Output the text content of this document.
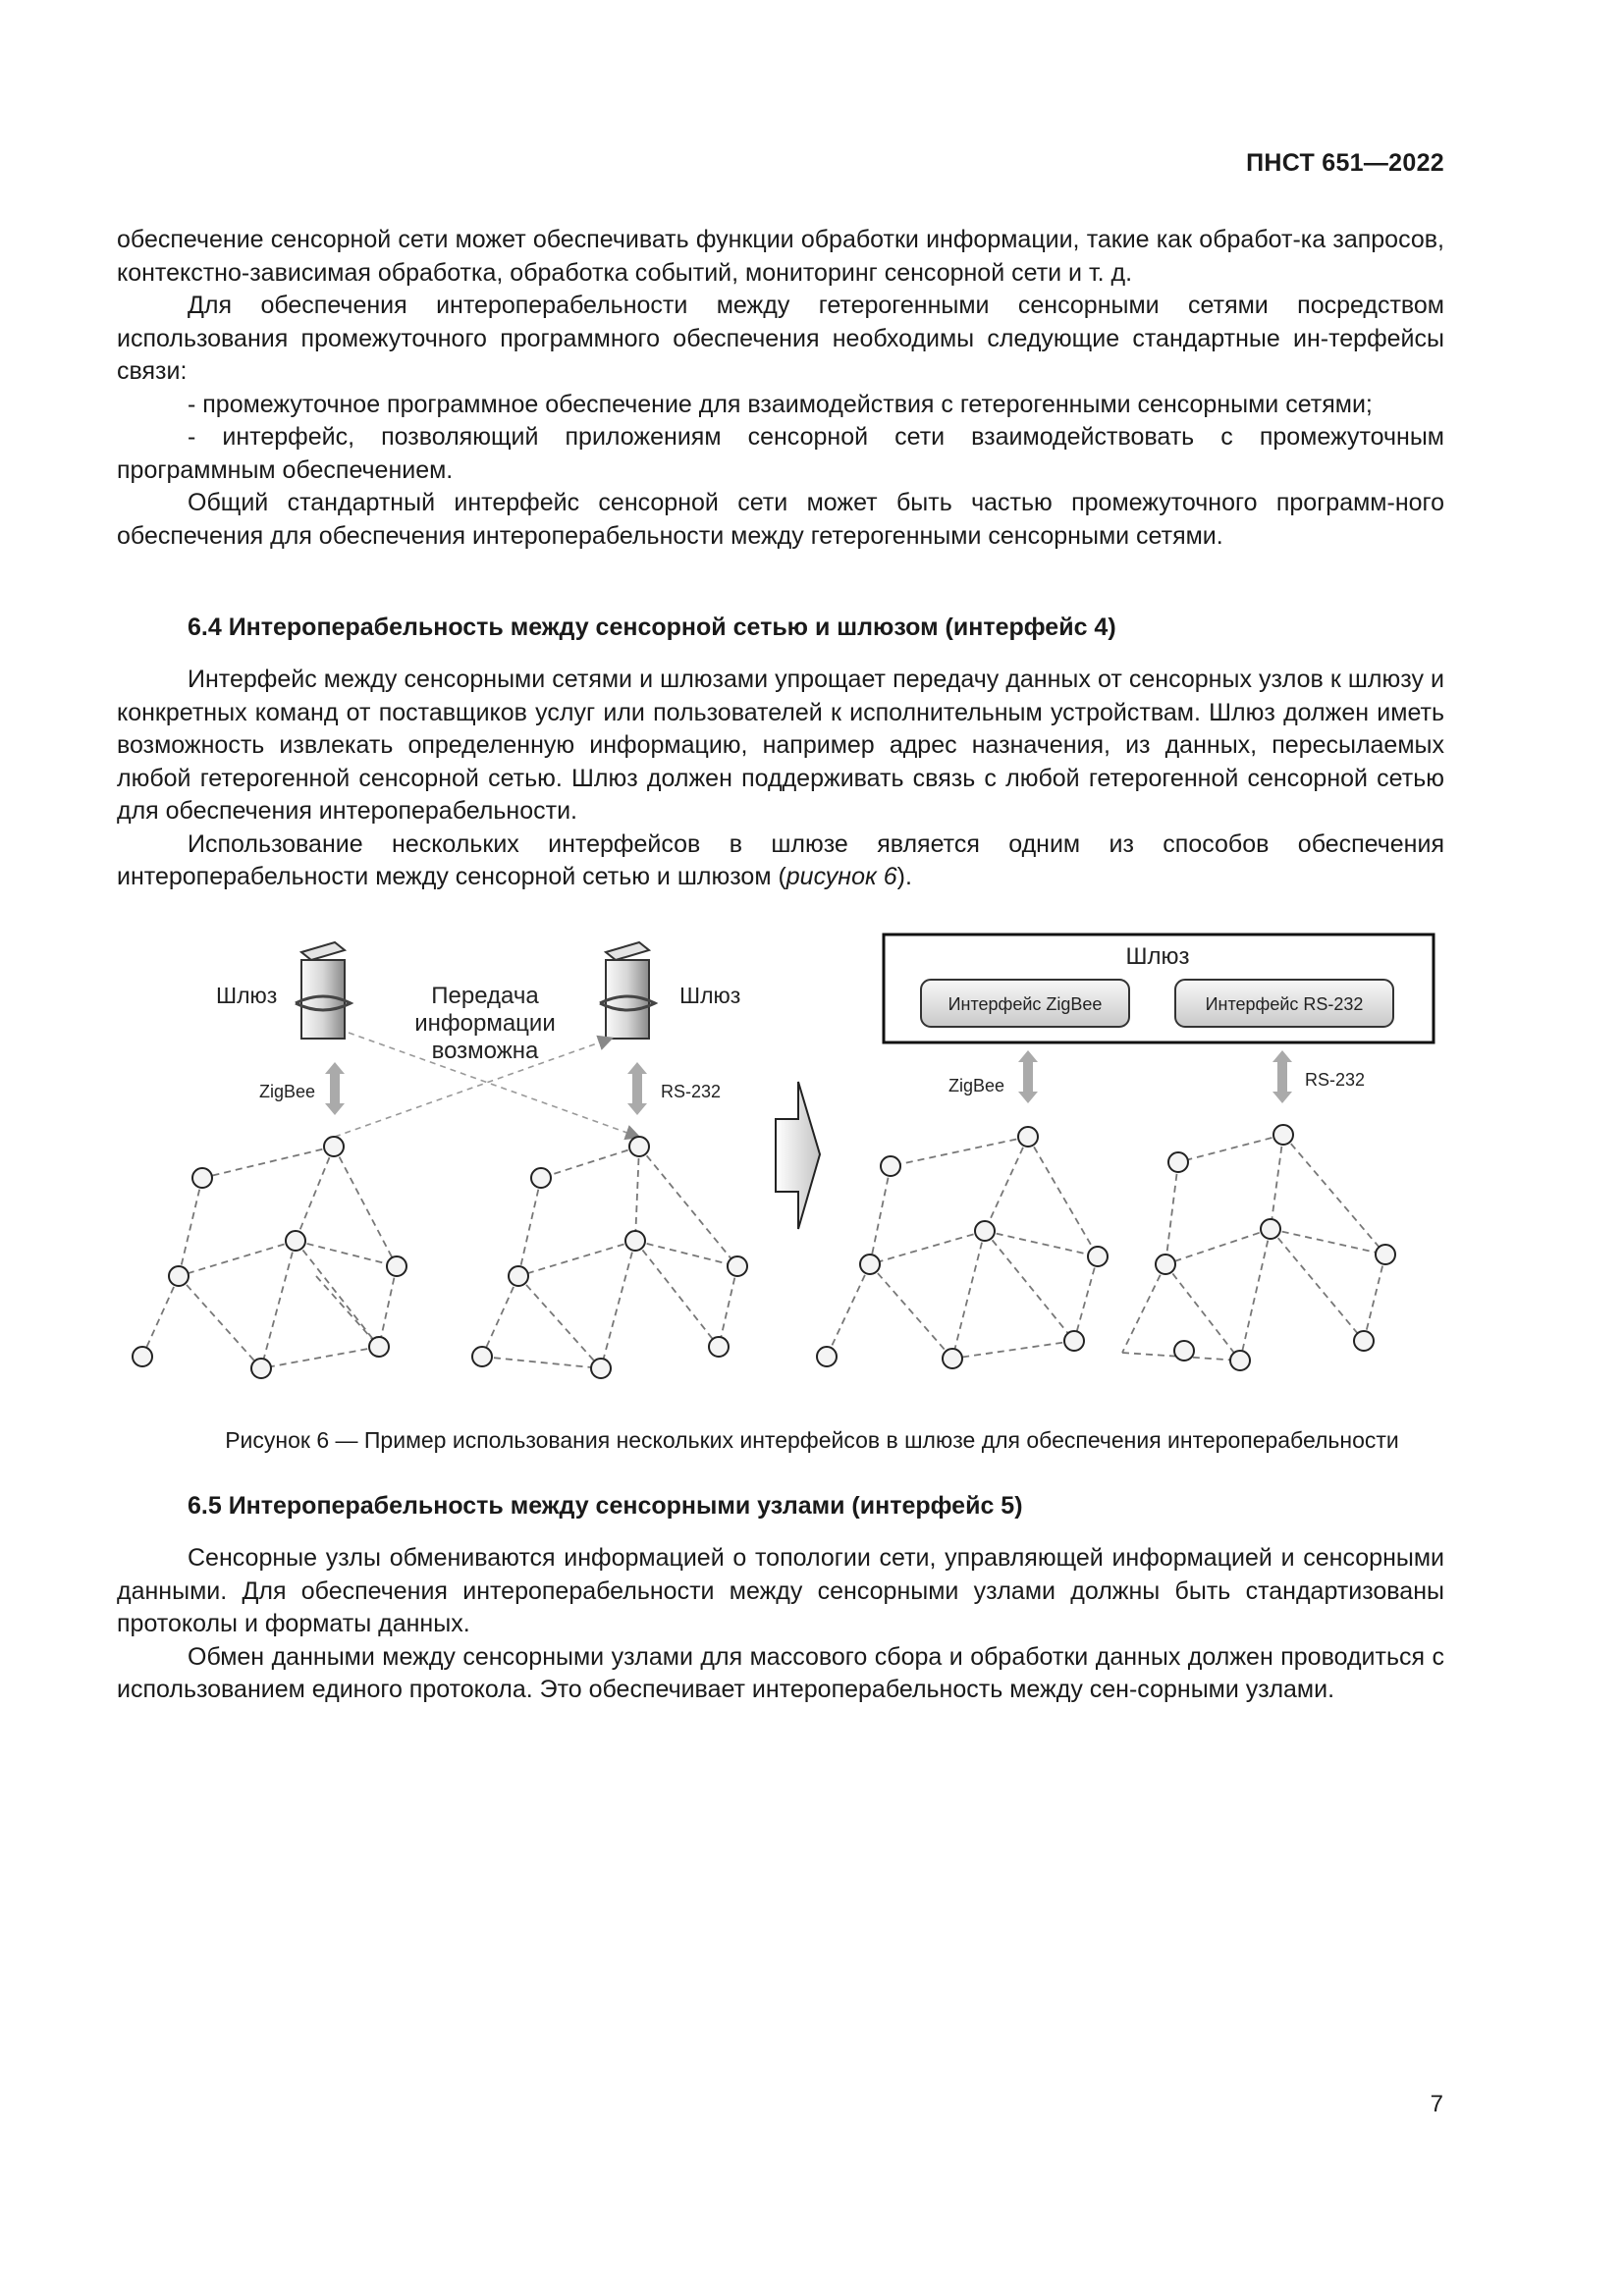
ПНСТ 651—2022

обеспечение сенсорной сети может обеспечивать функции обработки информации, такие как обработ-ка запросов, контекстно-зависимая обработка, обработка событий, мониторинг сенсорной сети и т. д.

Для обеспечения интероперабельности между гетерогенными сенсорными сетями посредством использования промежуточного программного обеспечения необходимы следующие стандартные ин-терфейсы связи:

- промежуточное программное обеспечение для взаимодействия с гетерогенными сенсорными сетями;

- интерфейс, позволяющий приложениям сенсорной сети взаимодействовать с промежуточным программным обеспечением.

Общий стандартный интерфейс сенсорной сети может быть частью промежуточного программ-ного обеспечения для обеспечения интероперабельности между гетерогенными сенсорными сетями.

6.4 Интероперабельность между сенсорной сетью и шлюзом (интерфейс 4)

Интерфейс между сенсорными сетями и шлюзами упрощает передачу данных от сенсорных узлов к шлюзу и конкретных команд от поставщиков услуг или пользователей к исполнительным устройствам. Шлюз должен иметь возможность извлекать определенную информацию, например адрес назначения, из данных, пересылаемых любой гетерогенной сенсорной сетью. Шлюз должен поддерживать связь с любой гетерогенной сенсорной сетью для обеспечения интероперабельности.

Использование нескольких интерфейсов в шлюзе является одним из способов обеспечения интероперабельности между сенсорной сетью и шлюзом (рисунок 6).

Шлюз	Шлюз
Передача
информации
возможна
ZigBee	RS-232
Шлюз
Интерфейс ZigBee	Интерфейс RS-232
ZigBee	RS-232
Рисунок 6 — Пример использования нескольких интерфейсов в шлюзе для обеспечения интероперабельности
6.5 Интероперабельность между сенсорными узлами (интерфейс 5)

Сенсорные узлы обмениваются информацией о топологии сети, управляющей информацией и сенсорными данными. Для обеспечения интероперабельности между сенсорными узлами должны быть стандартизованы протоколы и форматы данных.

Обмен данными между сенсорными узлами для массового сбора и обработки данных должен проводиться с использованием единого протокола. Это обеспечивает интероперабельность между сен-сорными узлами.

7
